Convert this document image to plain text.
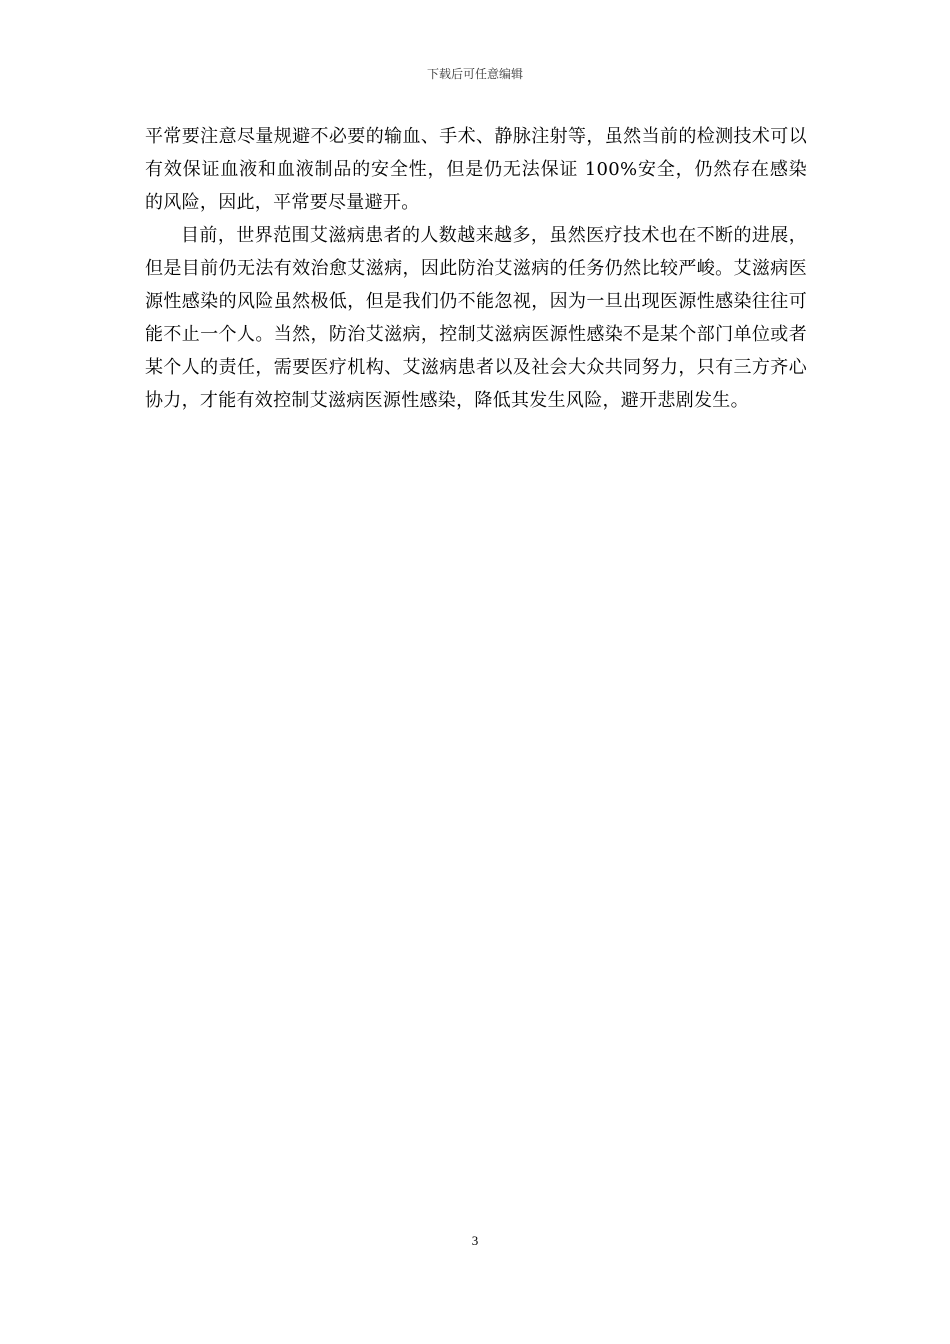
下载后可任意编辑

平常要注意尽量规避不必要的输血、手术、静脉注射等，虽然当前的检测技术可以有效保证血液和血液制品的安全性，但是仍无法保证 100%安全，仍然存在感染的风险，因此，平常要尽量避开。

目前，世界范围艾滋病患者的人数越来越多，虽然医疗技术也在不断的进展，但是目前仍无法有效治愈艾滋病，因此防治艾滋病的任务仍然比较严峻。艾滋病医源性感染的风险虽然极低，但是我们仍不能忽视，因为一旦出现医源性感染往往可能不止一个人。当然，防治艾滋病，控制艾滋病医源性感染不是某个部门单位或者某个人的责任，需要医疗机构、艾滋病患者以及社会大众共同努力，只有三方齐心协力，才能有效控制艾滋病医源性感染，降低其发生风险，避开悲剧发生。

3
